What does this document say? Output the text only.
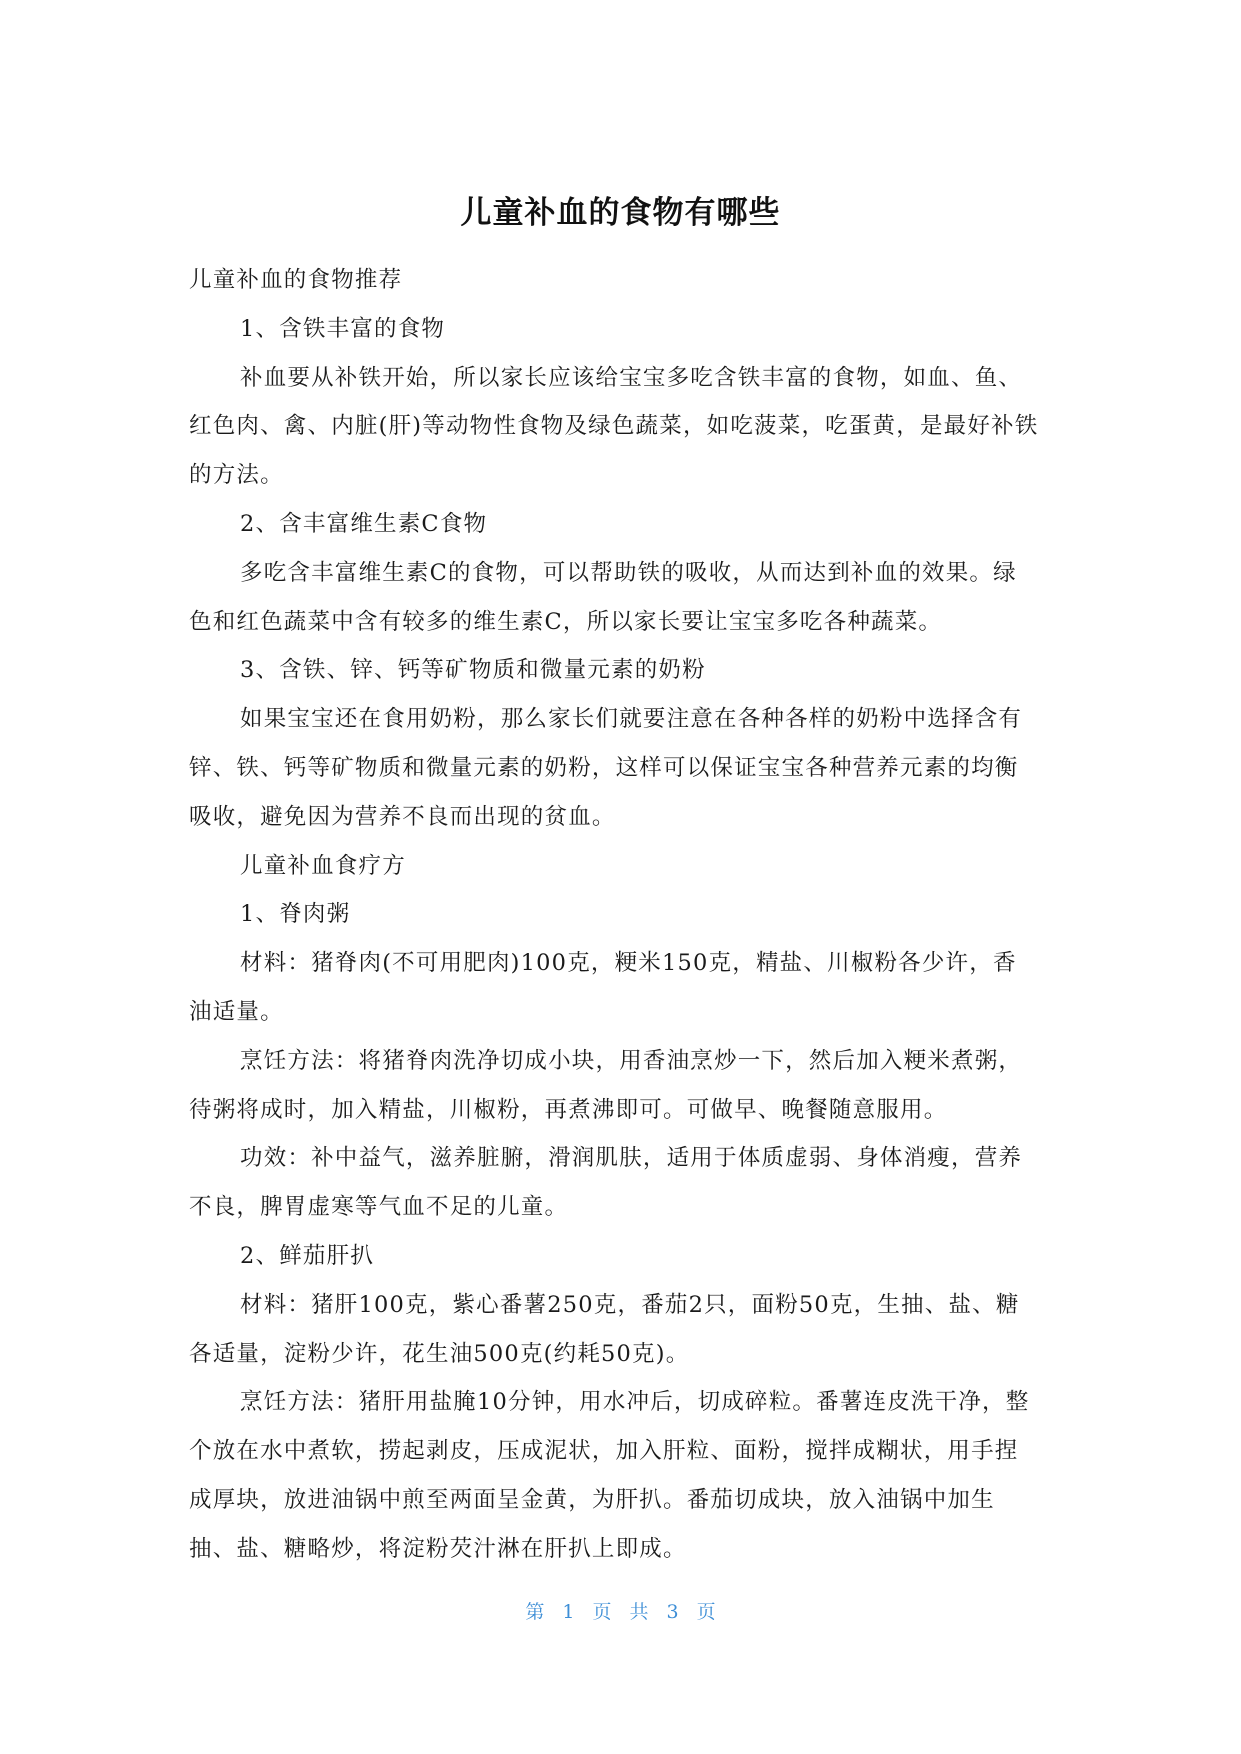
儿童补血的食物有哪些

儿童补血的食物推荐

1、含铁丰富的食物

补血要从补铁开始，所以家长应该给宝宝多吃含铁丰富的食物，如血、鱼、红色肉、禽、内脏(肝)等动物性食物及绿色蔬菜，如吃菠菜，吃蛋黄，是最好补铁的方法。

2、含丰富维生素C食物

多吃含丰富维生素C的食物，可以帮助铁的吸收，从而达到补血的效果。绿色和红色蔬菜中含有较多的维生素C，所以家长要让宝宝多吃各种蔬菜。

3、含铁、锌、钙等矿物质和微量元素的奶粉

如果宝宝还在食用奶粉，那么家长们就要注意在各种各样的奶粉中选择含有锌、铁、钙等矿物质和微量元素的奶粉，这样可以保证宝宝各种营养元素的均衡吸收，避免因为营养不良而出现的贫血。

儿童补血食疗方

1、脊肉粥

材料：猪脊肉(不可用肥肉)100克，粳米150克，精盐、川椒粉各少许，香油适量。

烹饪方法：将猪脊肉洗净切成小块，用香油烹炒一下，然后加入粳米煮粥，待粥将成时，加入精盐，川椒粉，再煮沸即可。可做早、晚餐随意服用。

功效：补中益气，滋养脏腑，滑润肌肤，适用于体质虚弱、身体消瘦，营养不良，脾胃虚寒等气血不足的儿童。

2、鲜茄肝扒

材料：猪肝100克，紫心番薯250克，番茄2只，面粉50克，生抽、盐、糖各适量，淀粉少许，花生油500克(约耗50克)。

烹饪方法：猪肝用盐腌10分钟，用水冲后，切成碎粒。番薯连皮洗干净，整个放在水中煮软，捞起剥皮，压成泥状，加入肝粒、面粉，搅拌成糊状，用手捏成厚块，放进油锅中煎至两面呈金黄，为肝扒。番茄切成块，放入油锅中加生抽、盐、糖略炒，将淀粉芡汁淋在肝扒上即成。

第 1 页 共 3 页
